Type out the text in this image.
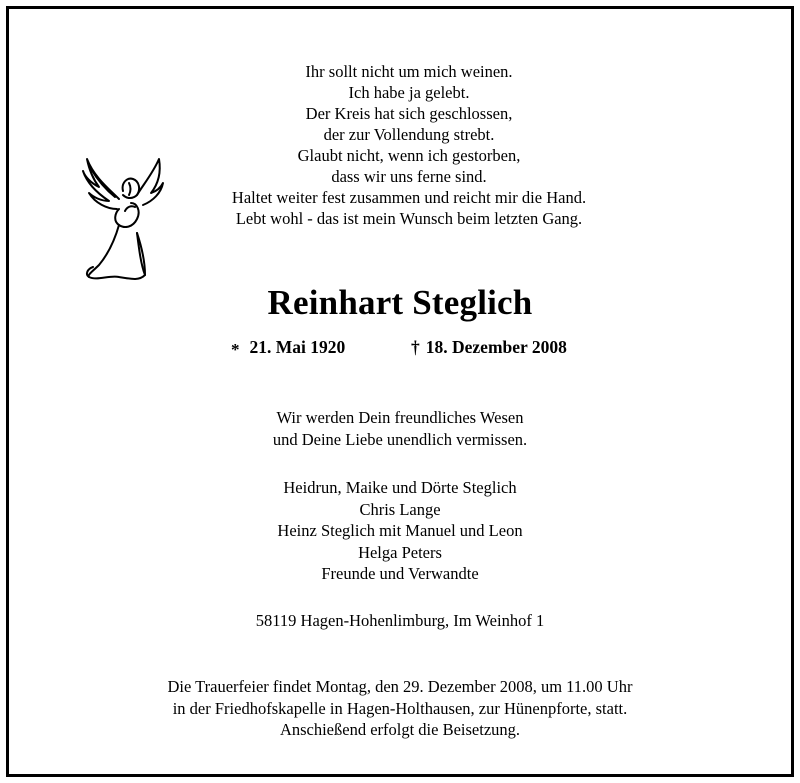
Ihr sollt nicht um mich weinen.
Ich habe ja gelebt.
Der Kreis hat sich geschlossen,
der zur Vollendung strebt.
Glaubt nicht, wenn ich gestorben,
dass wir uns ferne sind.
Haltet weiter fest zusammen und reicht mir die Hand.
Lebt wohl - das ist mein Wunsch beim letzten Gang.
Reinhart Steglich
* 21. Mai 1920	† 18. Dezember 2008
Wir werden Dein freundliches Wesen
und Deine Liebe unendlich vermissen.
Heidrun, Maike und Dörte Steglich
Chris Lange
Heinz Steglich mit Manuel und Leon
Helga Peters
Freunde und Verwandte
58119 Hagen-Hohenlimburg, Im Weinhof 1
Die Trauerfeier findet Montag, den 29. Dezember 2008, um 11.00 Uhr
in der Friedhofskapelle in Hagen-Holthausen, zur Hünenpforte, statt.
Anschießend erfolgt die Beisetzung.
